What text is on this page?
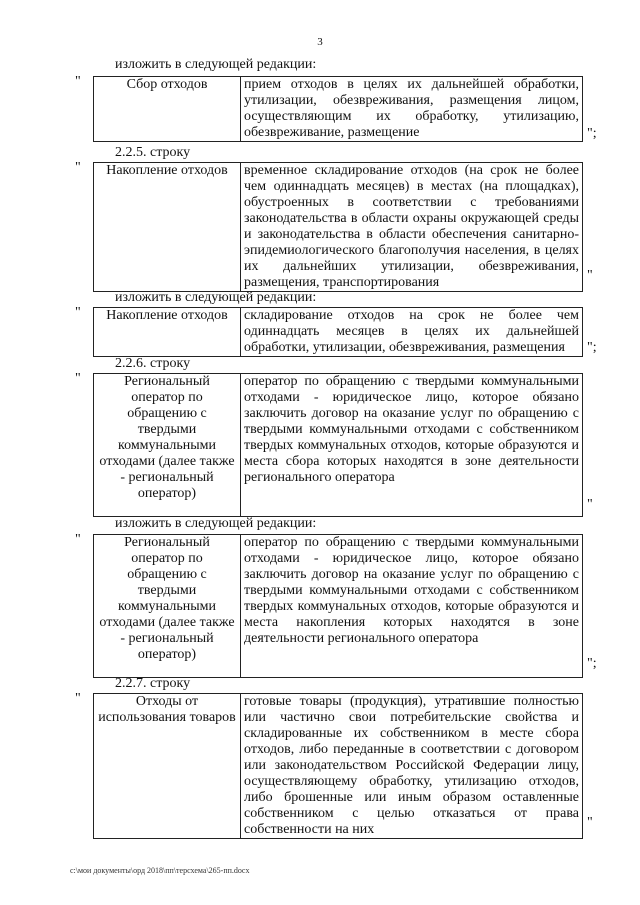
3
изложить в следующей редакции:
"	Сбор отходов	прием отходов в целях их дальнейшей обработки, утилизации, обезвреживания, размещения лицом, осуществляющим их обработку, утилизацию, обезвреживание, размещение	";
2.2.5. строку
" Накопление отходов	временное складирование отходов (на срок не более чем одиннадцать месяцев) в местах (на площадках), обустроенных в соответствии с требованиями законодательства в области охраны окружающей среды и законодательства в области обеспечения санитарно-эпидемиологического благополучия населения, в целях их дальнейших утилизации, обезвреживания, размещения, транспортирования	"
изложить в следующей редакции:
" Накопление отходов	складирование отходов на срок не более чем одиннадцать месяцев в целях их дальнейшей обработки, утилизации, обезвреживания, размещения ";
2.2.6. строку
"	Региональный оператор по обращению с твердыми коммунальными отходами (далее также - региональный оператор)	оператор по обращению с твердыми коммунальными отходами - юридическое лицо, которое обязано заключить договор на оказание услуг по обращению с твердыми коммунальными отходами с собственником твердых коммунальных отходов, которые образуются и места сбора которых находятся в зоне деятельности регионального оператора
"
изложить в следующей редакции:
"	Региональный оператор по обращению с твердыми коммунальными отходами (далее также - региональный оператор)	оператор по обращению с твердыми коммунальными отходами - юридическое лицо, которое обязано заключить договор на оказание услуг по обращению с твердыми коммунальными отходами с собственником твердых коммунальных отходов, которые образуются и места накопления которых находятся в зоне деятельности регионального оператора
";
2.2.7. строку
"	Отходы от использования товаров	готовые товары (продукция), утратившие полностью или частично свои потребительские свойства и складированные их собственником в месте сбора отходов, либо переданные в соответствии с договором или законодательством Российской Федерации лицу, осуществляющему обработку, утилизацию отходов, либо брошенные или иным образом оставленные собственником с целью отказаться от права собственности на них	"
c:\мои документы\орд 2018\пп\терсхема\265-пп.docx
